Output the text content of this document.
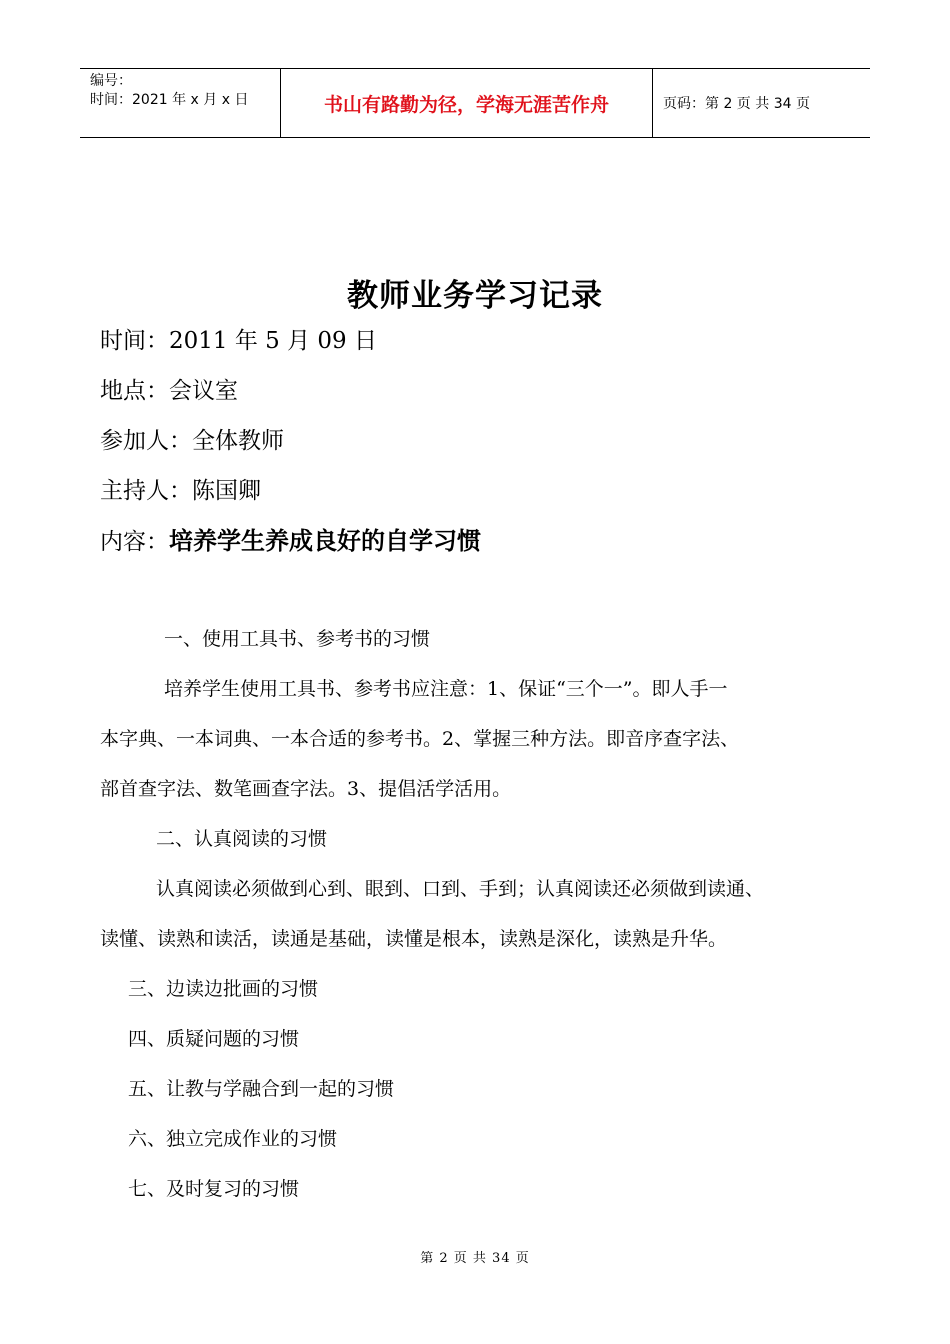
编号：
时间：2021 年 x 月 x 日	书山有路勤为径，学海无涯苦作舟	页码：第 2 页 共 34 页
教师业务学习记录
时间：2011 年 5 月 09 日
地点：会议室
参加人：全体教师
主持人：陈国卿
内容：培养学生养成良好的自学习惯
一、使用工具书、参考书的习惯
培养学生使用工具书、参考书应注意：1、保证“三个一”。即人手一
本字典、一本词典、一本合适的参考书。2、掌握三种方法。即音序查字法、
部首查字法、数笔画查字法。3、提倡活学活用。
二、认真阅读的习惯
认真阅读必须做到心到、眼到、口到、手到；认真阅读还必须做到读通、
读懂、读熟和读活，读通是基础，读懂是根本，读熟是深化，读熟是升华。
三、边读边批画的习惯
四、质疑问题的习惯
五、让教与学融合到一起的习惯
六、独立完成作业的习惯
七、及时复习的习惯
第 2 页 共 34 页
